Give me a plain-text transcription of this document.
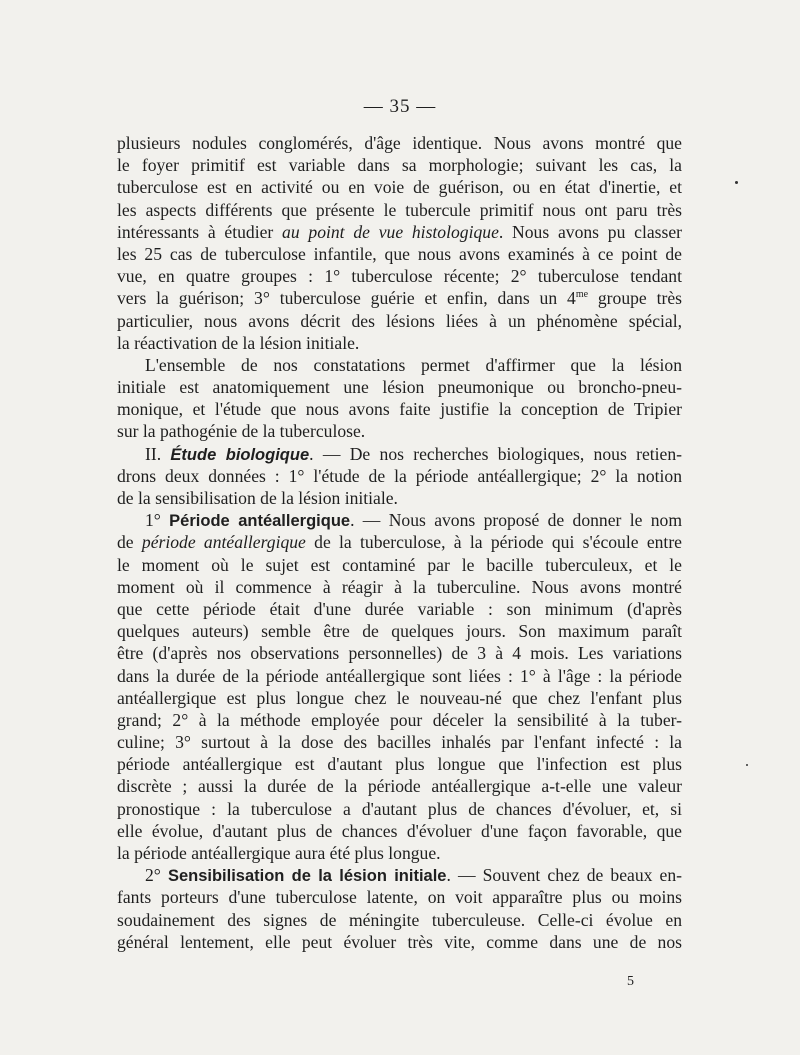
— 35 —
plusieurs nodules conglomérés, d'âge identique. Nous avons montré que
le foyer primitif est variable dans sa morphologie; suivant les cas, la
tuberculose est en activité ou en voie de guérison, ou en état d'inertie, et
les aspects différents que présente le tubercule primitif nous ont paru très
intéressants à étudier au point de vue histologique. Nous avons pu classer
les 25 cas de tuberculose infantile, que nous avons examinés à ce point de
vue, en quatre groupes : 1° tuberculose récente; 2° tuberculose tendant
vers la guérison; 3° tuberculose guérie et enfin, dans un $4^{me}$ groupe très
particulier, nous avons décrit des lésions liées à un phénomène spécial,
la réactivation de la lésion initiale.
L'ensemble de nos constatations permet d'affirmer que la lésion
initiale est anatomiquement une lésion pneumonique ou broncho-pneu-
monique, et l'étude que nous avons faite justifie la conception de Tripier
sur la pathogénie de la tuberculose.
II. Étude biologique. — De nos recherches biologiques, nous retien-
drons deux données : 1° l'étude de la période antéallergique; 2° la notion
de la sensibilisation de la lésion initiale.
1° Période antéallergique. — Nous avons proposé de donner le nom
de période antéallergique de la tuberculose, à la période qui s'écoule entre
le moment où le sujet est contaminé par le bacille tuberculeux, et le
moment où il commence à réagir à la tuberculine. Nous avons montré
que cette période était d'une durée variable : son minimum (d'après
quelques auteurs) semble être de quelques jours. Son maximum paraît
être (d'après nos observations personnelles) de 3 à 4 mois. Les variations
dans la durée de la période antéallergique sont liées : 1° à l'âge : la période
antéallergique est plus longue chez le nouveau-né que chez l'enfant plus
grand; 2° à la méthode employée pour déceler la sensibilité à la tuber-
culine; 3° surtout à la dose des bacilles inhalés par l'enfant infecté : la
période antéallergique est d'autant plus longue que l'infection est plus
discrète ; aussi la durée de la période antéallergique a-t-elle une valeur
pronostique : la tuberculose a d'autant plus de chances d'évoluer, et, si
elle évolue, d'autant plus de chances d'évoluer d'une façon favorable, que
la période antéallergique aura été plus longue.
2° Sensibilisation de la lésion initiale. — Souvent chez de beaux en-
fants porteurs d'une tuberculose latente, on voit apparaître plus ou moins
soudainement des signes de méningite tuberculeuse. Celle-ci évolue en
général lentement, elle peut évoluer très vite, comme dans une de nos
5
